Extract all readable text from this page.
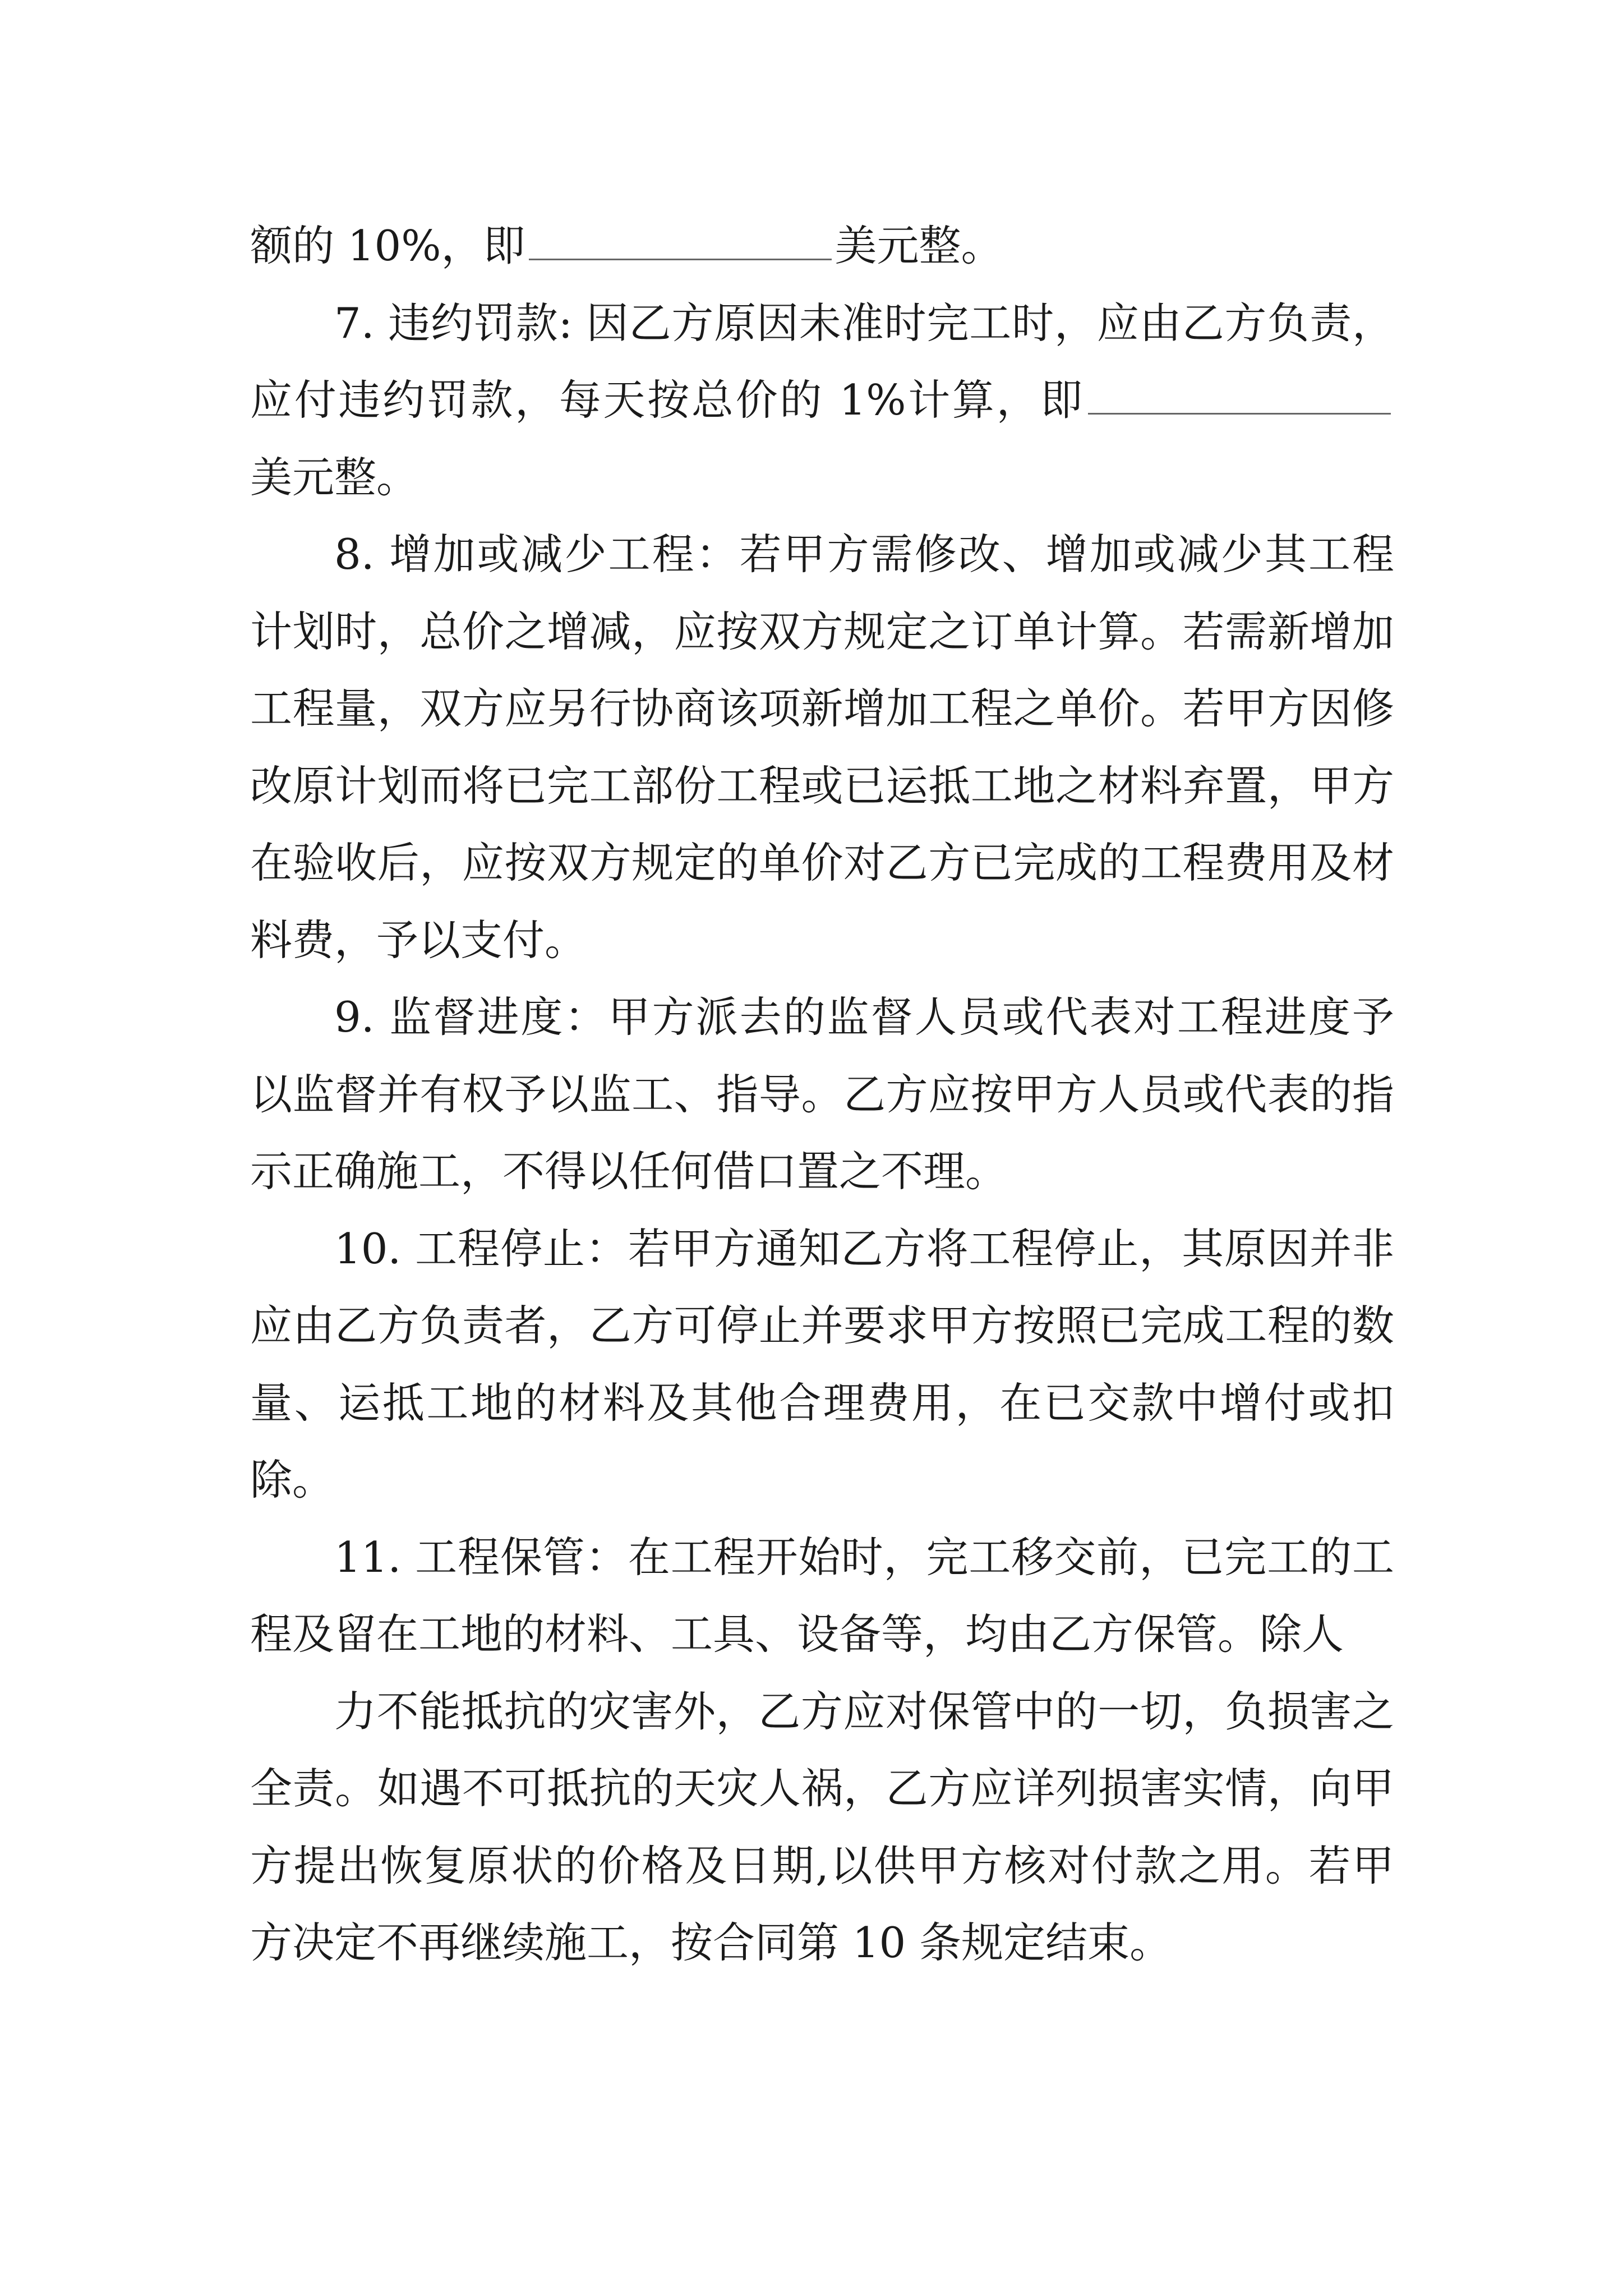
额的 10%，即	美元整。

7. 违约罚款: 因乙方原因未准时完工时，应由乙方负责，应付违约罚款，每天按总价的 1%计算，即美元整。

8. 增加或减少工程：若甲方需修改、增加或减少其工程计划时，总价之增减，应按双方规定之订单计算。若需新增加工程量，双方应另行协商该项新增加工程之单价。若甲方因修改原计划而将已完工部份工程或已运抵工地之材料弃置，甲方在验收后，应按双方规定的单价对乙方已完成的工程费用及材料费，予以支付。

9. 监督进度：甲方派去的监督人员或代表对工程进度予以监督并有权予以监工、指导。乙方应按甲方人员或代表的指示正确施工，不得以任何借口置之不理。

10. 工程停止：若甲方通知乙方将工程停止，其原因并非应由乙方负责者，乙方可停止并要求甲方按照已完成工程的数量、运抵工地的材料及其他合理费用，在已交款中增付或扣除。

11. 工程保管：在工程开始时，完工移交前，已完工的工程及留在工地的材料、工具、设备等，均由乙方保管。除人

力不能抵抗的灾害外，乙方应对保管中的一切，负损害之全责。如遇不可抵抗的天灾人祸，乙方应详列损害实情，向甲方提出恢复原状的价格及日期,以供甲方核对付款之用。若甲方决定不再继续施工，按合同第 10 条规定结束。
